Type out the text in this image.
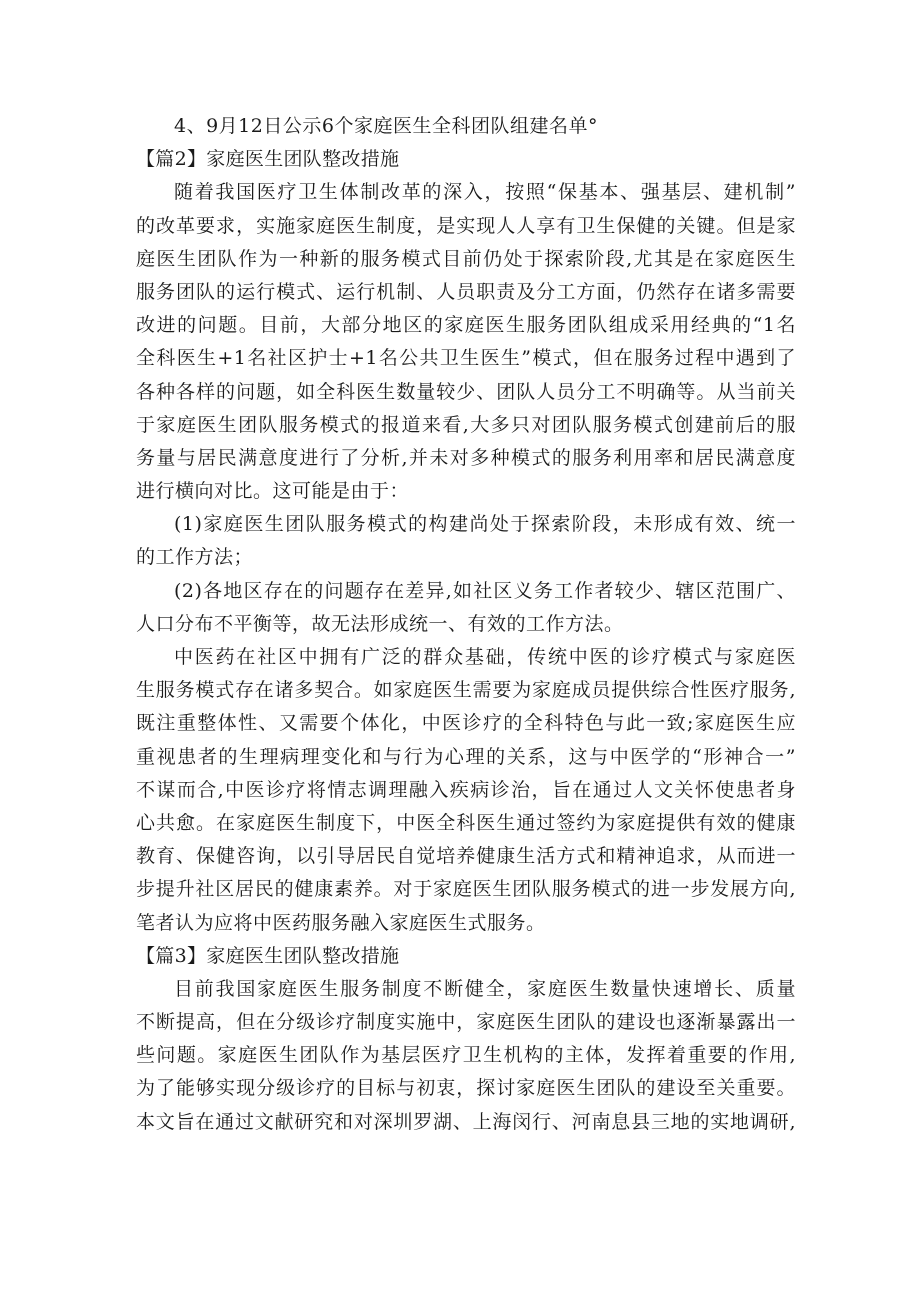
4、9月12日公示6个家庭医生全科团队组建名单°
【篇2】家庭医生团队整改措施
随着我国医疗卫生体制改革的深入，按照“保基本、强基层、建机制”
的改革要求，实施家庭医生制度，是实现人人享有卫生保健的关键。但是家
庭医生团队作为一种新的服务模式目前仍处于探索阶段,尤其是在家庭医生
服务团队的运行模式、运行机制、人员职责及分工方面，仍然存在诸多需要
改进的问题。目前，大部分地区的家庭医生服务团队组成采用经典的“1名
全科医生+1名社区护士+1名公共卫生医生”模式，但在服务过程中遇到了
各种各样的问题，如全科医生数量较少、团队人员分工不明确等。从当前关
于家庭医生团队服务模式的报道来看,大多只对团队服务模式创建前后的服
务量与居民满意度进行了分析,并未对多种模式的服务利用率和居民满意度
进行横向对比。这可能是由于：
(1)家庭医生团队服务模式的构建尚处于探索阶段，未形成有效、统一
的工作方法；
(2)各地区存在的问题存在差异,如社区义务工作者较少、辖区范围广、
人口分布不平衡等，故无法形成统一、有效的工作方法。
中医药在社区中拥有广泛的群众基础，传统中医的诊疗模式与家庭医
生服务模式存在诸多契合。如家庭医生需要为家庭成员提供综合性医疗服务,
既注重整体性、又需要个体化，中医诊疗的全科特色与此一致;家庭医生应
重视患者的生理病理变化和与行为心理的关系，这与中医学的“形神合一”
不谋而合,中医诊疗将情志调理融入疾病诊治，旨在通过人文关怀使患者身
心共愈。在家庭医生制度下，中医全科医生通过签约为家庭提供有效的健康
教育、保健咨询，以引导居民自觉培养健康生活方式和精神追求，从而进一
步提升社区居民的健康素养。对于家庭医生团队服务模式的进一步发展方向,
笔者认为应将中医药服务融入家庭医生式服务。
【篇3】家庭医生团队整改措施
目前我国家庭医生服务制度不断健全，家庭医生数量快速增长、质量
不断提高，但在分级诊疗制度实施中，家庭医生团队的建设也逐渐暴露出一
些问题。家庭医生团队作为基层医疗卫生机构的主体，发挥着重要的作用,
为了能够实现分级诊疗的目标与初衷，探讨家庭医生团队的建设至关重要。
本文旨在通过文献研究和对深圳罗湖、上海闵行、河南息县三地的实地调研,
